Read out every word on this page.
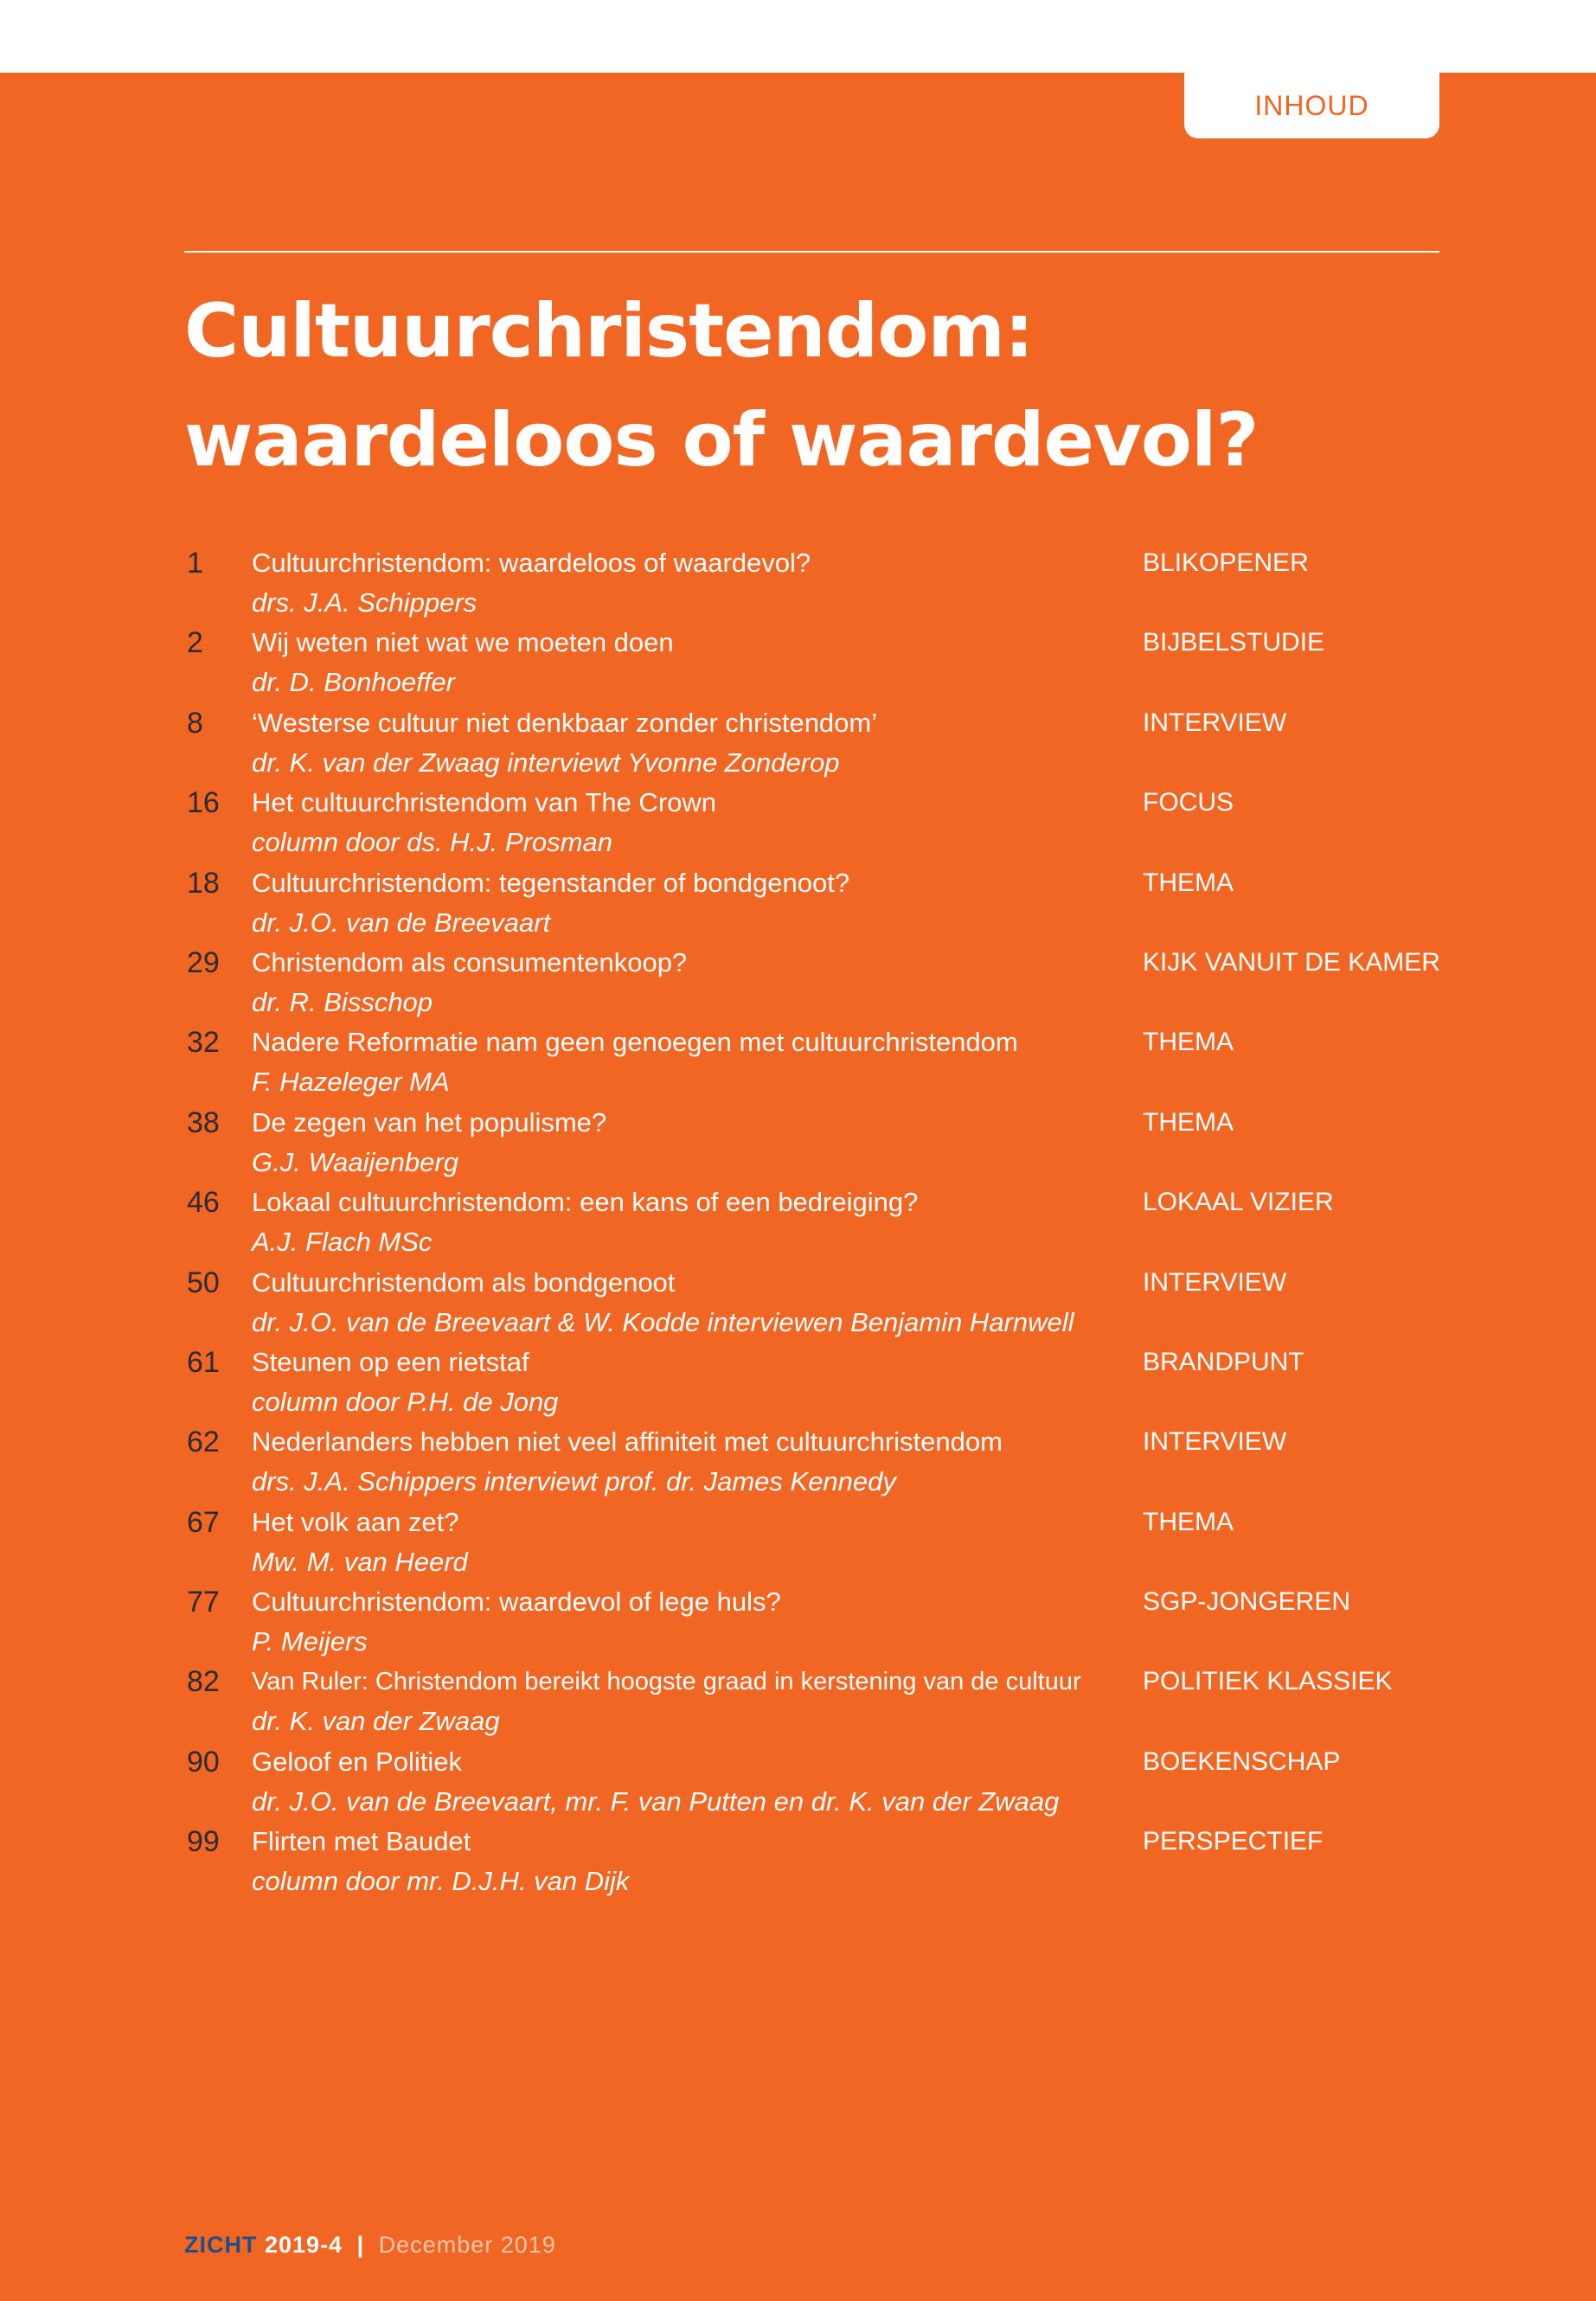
INHOUD
Cultuurchristendom:
waardeloos of waardevol?
1 Cultuurchristendom: waardeloos of waardevol?
drs. J.A. Schippers
BLIKOPENER
2 Wij weten niet wat we moeten doen
dr. D. Bonhoeffer
BIJBELSTUDIE
8 ‘Westerse cultuur niet denkbaar zonder christendom’
dr. K. van der Zwaag interviewt Yvonne Zonderop
INTERVIEW
16 Het cultuurchristendom van The Crown
column door ds. H.J. Prosman
FOCUS
18 Cultuurchristendom: tegenstander of bondgenoot?
dr. J.O. van de Breevaart
THEMA
29 Christendom als consumentenkoop?
dr. R. Bisschop
KIJK VANUIT DE KAMER
32 Nadere Reformatie nam geen genoegen met cultuurchristendom
F. Hazeleger MA
THEMA
38 De zegen van het populisme?
G.J. Waaijenberg
THEMA
46 Lokaal cultuurchristendom: een kans of een bedreiging?
A.J. Flach MSc
LOKAAL VIZIER
50 Cultuurchristendom als bondgenoot
dr. J.O. van de Breevaart & W. Kodde interviewen Benjamin Harnwell
INTERVIEW
61 Steunen op een rietstaf
column door P.H. de Jong
BRANDPUNT
62 Nederlanders hebben niet veel affiniteit met cultuurchristendom
drs. J.A. Schippers interviewt prof. dr. James Kennedy
INTERVIEW
67 Het volk aan zet?
Mw. M. van Heerd
THEMA
77 Cultuurchristendom: waardevol of lege huls?
P. Meijers
SGP-JONGEREN
82 Van Ruler: Christendom bereikt hoogste graad in kerstening van de cultuur
dr. K. van der Zwaag
POLITIEK KLASSIEK
90 Geloof en Politiek
dr. J.O. van de Breevaart, mr. F. van Putten en dr. K. van der Zwaag
BOEKENSCHAP
99 Flirten met Baudet
column door mr. D.J.H. van Dijk
PERSPECTIEF
ZICHT 2019-4 | December 2019
